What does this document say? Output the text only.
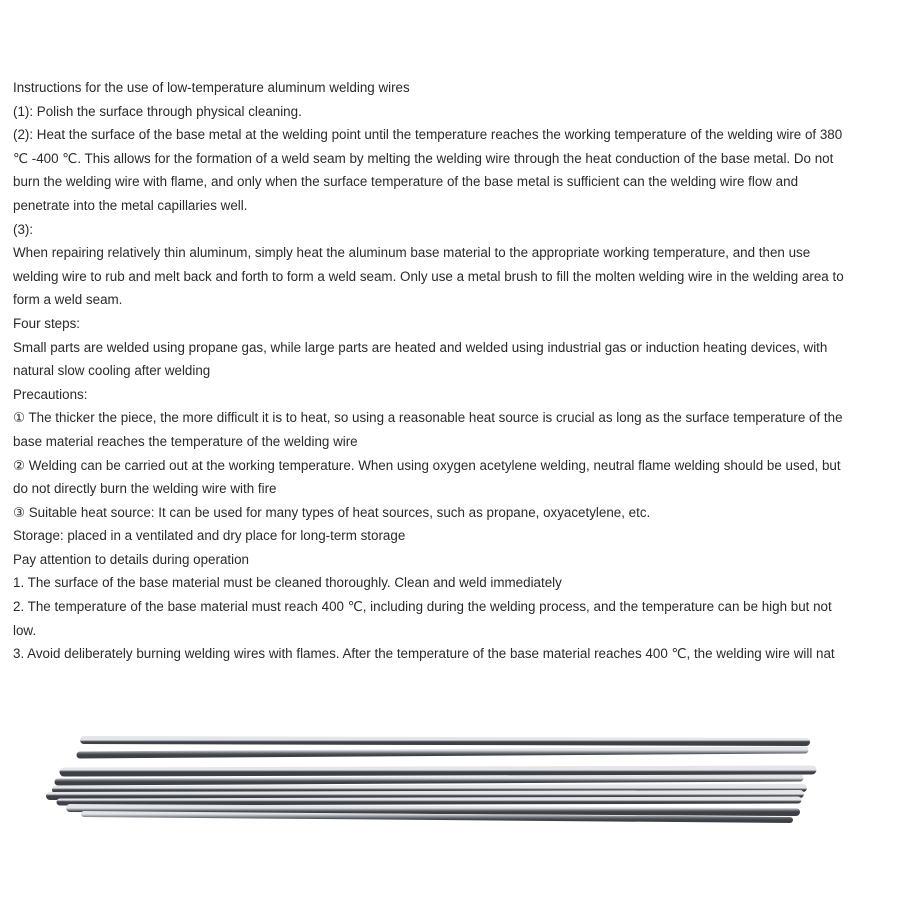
Instructions for the use of low-temperature aluminum welding wires
(1): Polish the surface through physical cleaning.
(2): Heat the surface of the base metal at the welding point until the temperature reaches the working temperature of the welding wire of 380
℃ -400 ℃. This allows for the formation of a weld seam by melting the welding wire through the heat conduction of the base metal. Do not
burn the welding wire with flame, and only when the surface temperature of the base metal is sufficient can the welding wire flow and
penetrate into the metal capillaries well.
(3):
When repairing relatively thin aluminum, simply heat the aluminum base material to the appropriate working temperature, and then use
welding wire to rub and melt back and forth to form a weld seam. Only use a metal brush to fill the molten welding wire in the welding area to
form a weld seam.
Four steps:
Small parts are welded using propane gas, while large parts are heated and welded using industrial gas or induction heating devices, with
natural slow cooling after welding
Precautions:
① The thicker the piece, the more difficult it is to heat, so using a reasonable heat source is crucial as long as the surface temperature of the
base material reaches the temperature of the welding wire
② Welding can be carried out at the working temperature. When using oxygen acetylene welding, neutral flame welding should be used, but
do not directly burn the welding wire with fire
③ Suitable heat source: It can be used for many types of heat sources, such as propane, oxyacetylene, etc.
Storage: placed in a ventilated and dry place for long-term storage
Pay attention to details during operation
1. The surface of the base material must be cleaned thoroughly. Clean and weld immediately
2. The temperature of the base material must reach 400 ℃, including during the welding process, and the temperature can be high but not
low.
3. Avoid deliberately burning welding wires with flames. After the temperature of the base material reaches 400 ℃, the welding wire will nat
